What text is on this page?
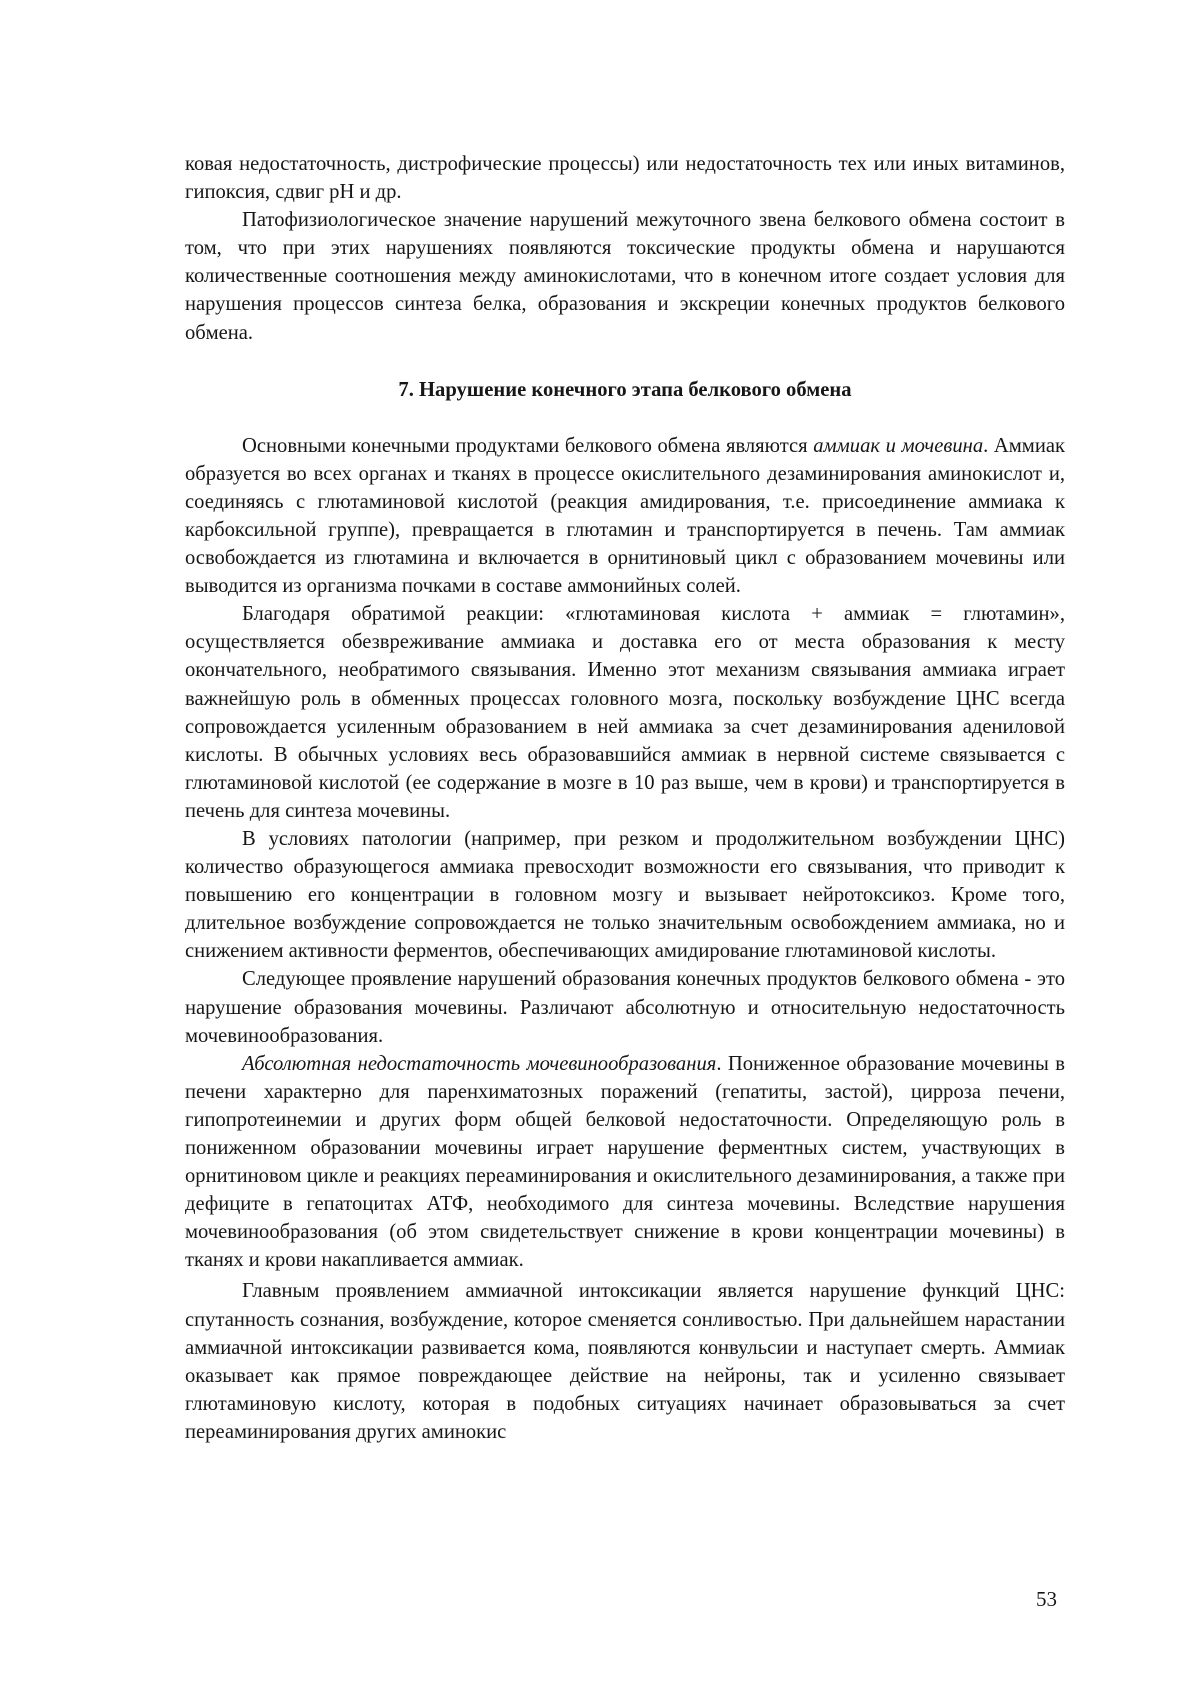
ковая недостаточность, дистрофические процессы) или недостаточность тех или иных витаминов, гипоксия, сдвиг pH и др.

Патофизиологическое значение нарушений межуточного звена белкового обмена состоит в том, что при этих нарушениях появляются токсические продукты обмена и нарушаются количественные соотношения между аминокислотами, что в конечном итоге создает условия для нарушения процессов синтеза белка, образования и экскреции конечных продуктов белкового обмена.

7. Нарушение конечного этапа белкового обмена

Основными конечными продуктами белкового обмена являются аммиак и мочевина. Аммиак образуется во всех органах и тканях в процессе окислительного дезаминирования аминокислот и, соединяясь с глютаминовой кислотой (реакция амидирования, т.е. присоединение аммиака к карбоксильной группе), превращается в глютамин и транспортируется в печень. Там аммиак освобождается из глютамина и включается в орнитиновый цикл с образованием мочевины или выводится из организма почками в составе аммонийных солей.

Благодаря обратимой реакции: «глютаминовая кислота + аммиак = глютамин», осуществляется обезвреживание аммиака и доставка его от места образования к месту окончательного, необратимого связывания. Именно этот механизм связывания аммиака играет важнейшую роль в обменных процессах головного мозга, поскольку возбуждение ЦНС всегда сопровождается усиленным образованием в ней аммиака за счет дезаминирования адениловой кислоты. В обычных условиях весь образовавшийся аммиак в нервной системе связывается с глютаминовой кислотой (ее содержание в мозге в 10 раз выше, чем в крови) и транспортируется в печень для синтеза мочевины.

В условиях патологии (например, при резком и продолжительном возбуждении ЦНС) количество образующегося аммиака превосходит возможности его связывания, что приводит к повышению его концентрации в головном мозгу и вызывает нейротоксикоз. Кроме того, длительное возбуждение сопровождается не только значительным освобождением аммиака, но и снижением активности ферментов, обеспечивающих амидирование глютаминовой кислоты.

Следующее проявление нарушений образования конечных продуктов белкового обмена - это нарушение образования мочевины. Различают абсолютную и относительную недостаточность мочевинообразования.

Абсолютная недостаточность мочевинообразования. Пониженное образование мочевины в печени характерно для паренхиматозных поражений (гепатиты, застой), цирроза печени, гипопротеинемии и других форм общей белковой недостаточности. Определяющую роль в пониженном образовании мочевины играет нарушение ферментных систем, участвующих в орнитиновом цикле и реакциях переаминирования и окислительного дезаминирования, а также при дефиците в гепатоцитах АТФ, необходимого для синтеза мочевины. Вследствие нарушения мочевинообразования (об этом свидетельствует снижение в крови концентрации мочевины) в тканях и крови накапливается аммиак.

Главным проявлением аммиачной интоксикации является нарушение функций ЦНС: спутанность сознания, возбуждение, которое сменяется сонливостью. При дальнейшем нарастании аммиачной интоксикации развивается кома, появляются конвульсии и наступает смерть. Аммиак оказывает как прямое повреждающее действие на нейроны, так и усиленно связывает глютаминовую кислоту, которая в подобных ситуациях начинает образовываться за счет переаминирования других аминокис

53
